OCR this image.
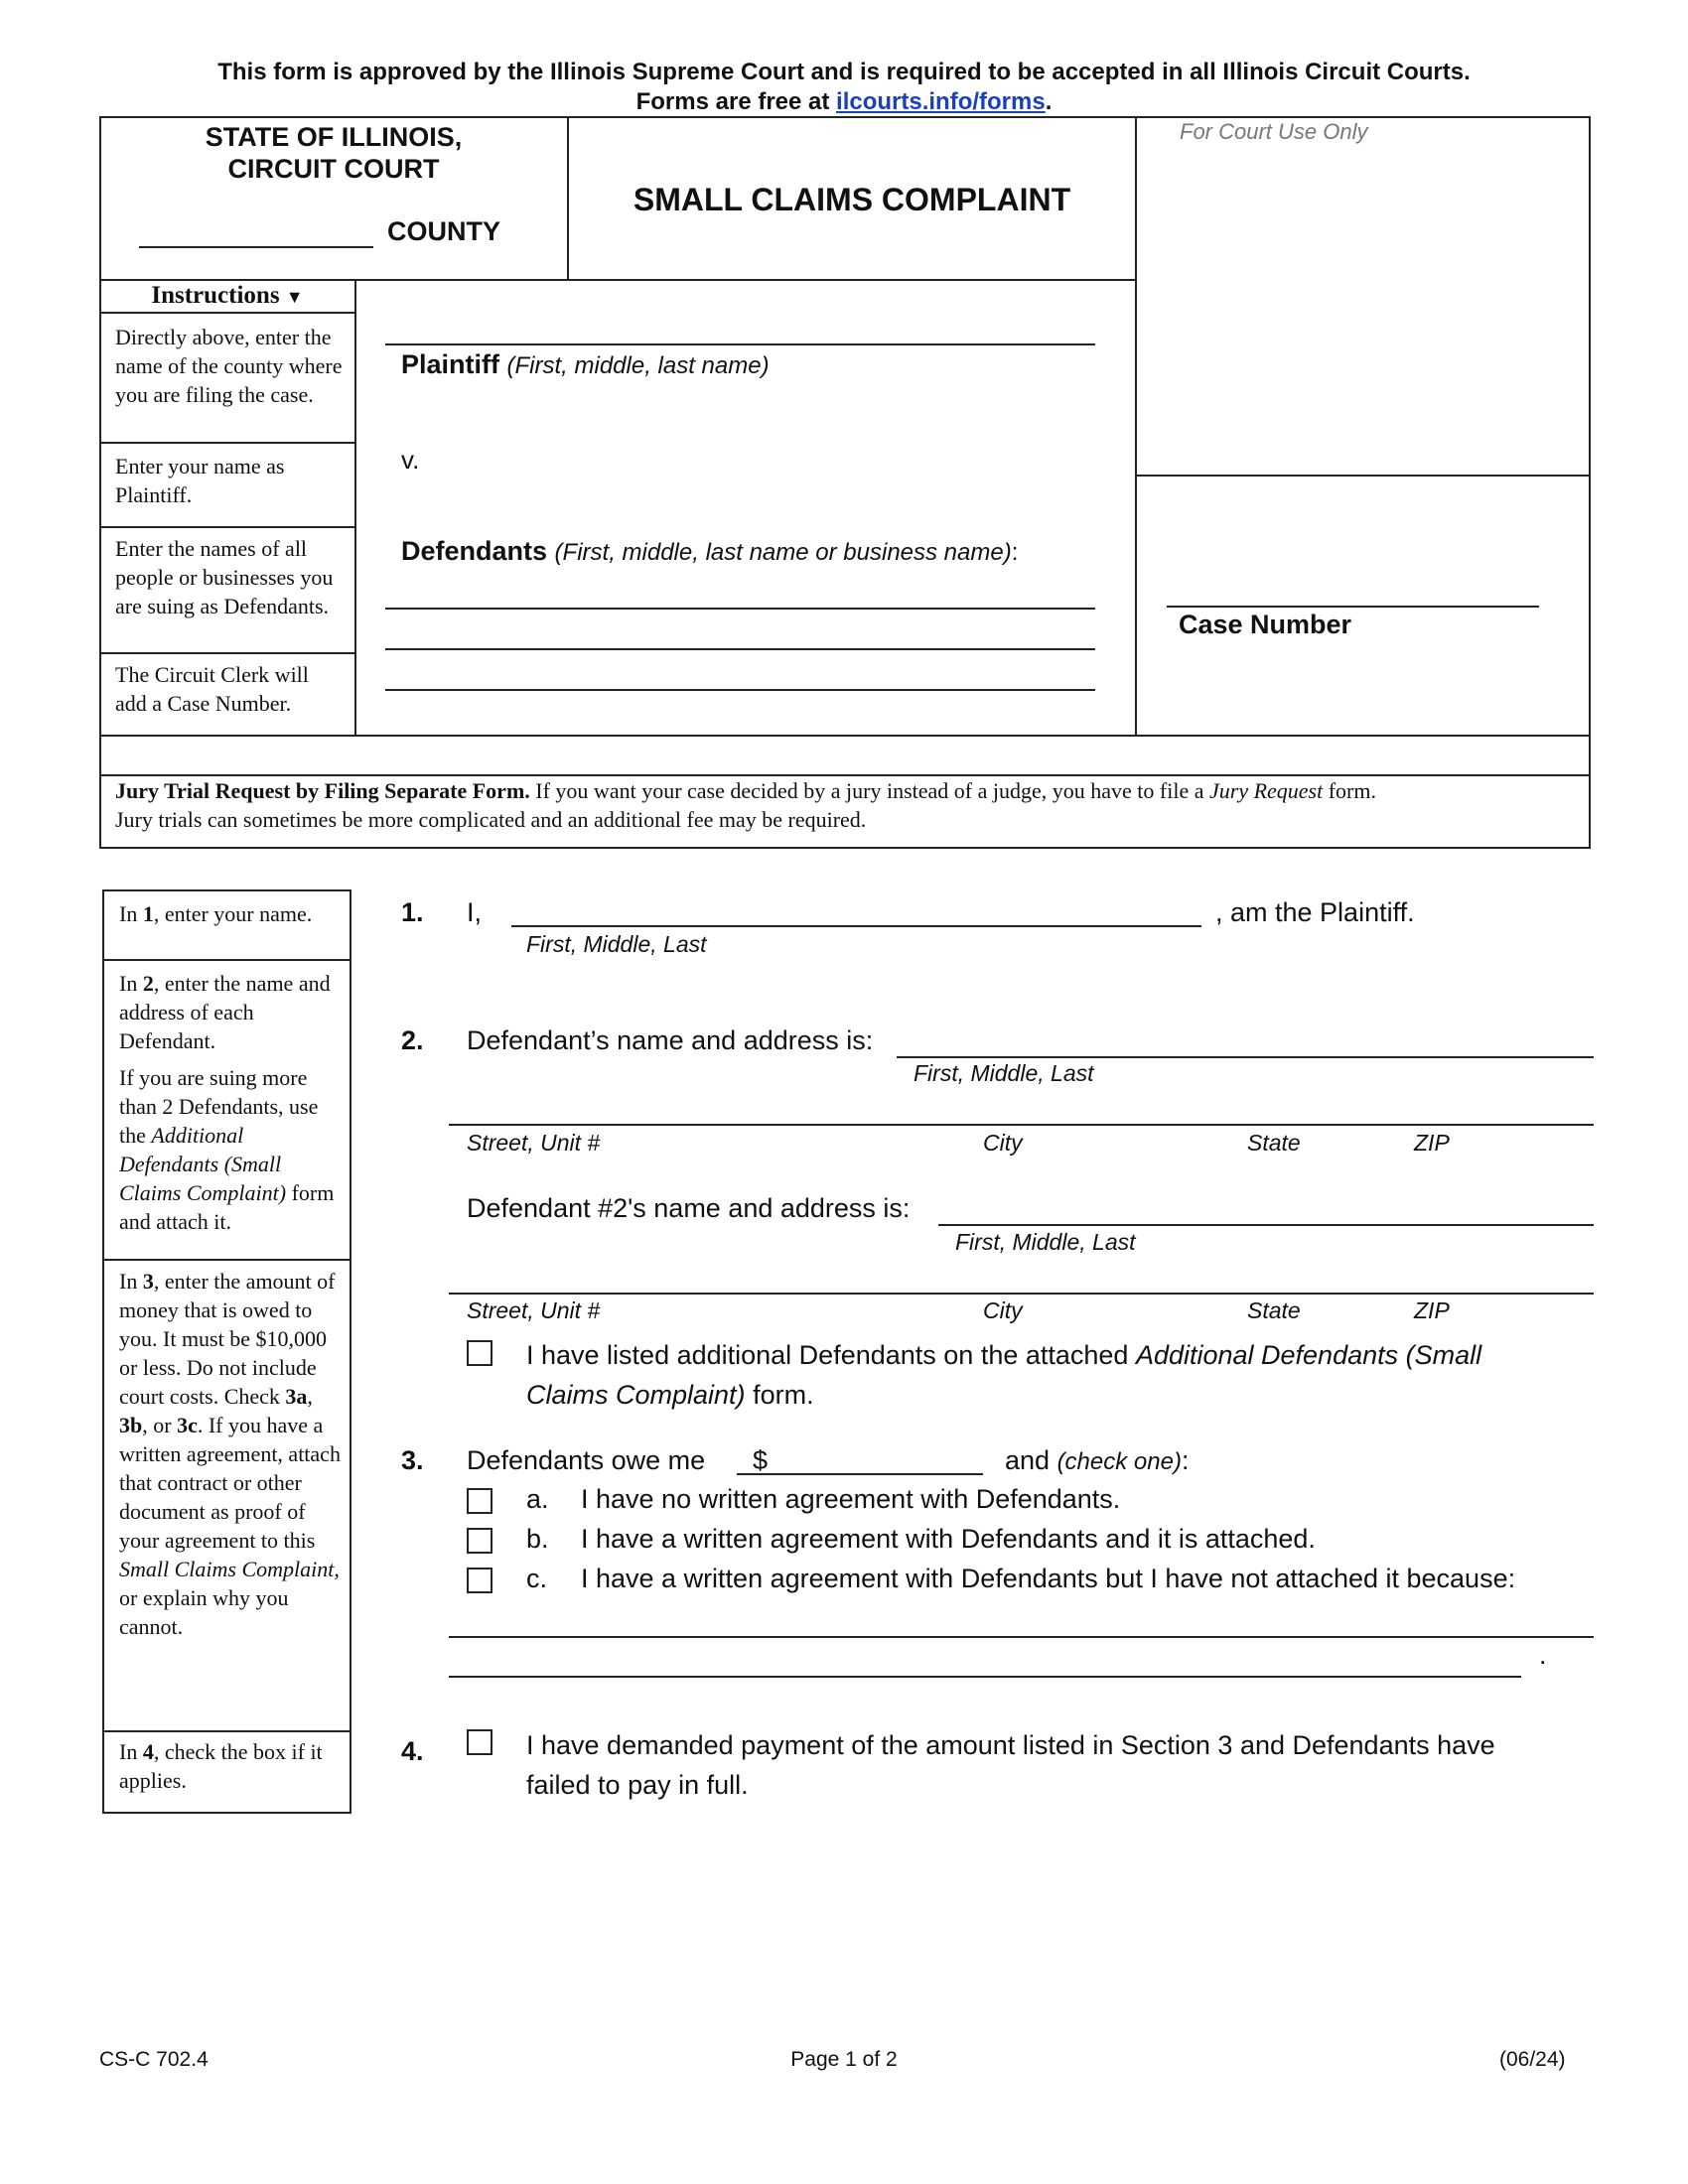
This form is approved by the Illinois Supreme Court and is required to be accepted in all Illinois Circuit Courts.
Forms are free at ilcourts.info/forms.
STATE OF ILLINOIS,
CIRCUIT COURT
COUNTY
SMALL CLAIMS COMPLAINT
For Court Use Only
Case Number
Instructions ▼
Directly above, enter the name of the county where you are filing the case.
Enter your name as Plaintiff.
Enter the names of all people or businesses you are suing as Defendants.
The Circuit Clerk will add a Case Number.
Plaintiff (First, middle, last name)
v.
Defendants (First, middle, last name or business name):
Jury Trial Request by Filing Separate Form. If you want your case decided by a jury instead of a judge, you have to file a Jury Request form.
Jury trials can sometimes be more complicated and an additional fee may be required.
In 1, enter your name.
In 2, enter the name and address of each Defendant.
If you are suing more than 2 Defendants, use the Additional Defendants (Small Claims Complaint) form and attach it.
In 3, enter the amount of money that is owed to you. It must be $10,000 or less. Do not include court costs. Check 3a, 3b, or 3c. If you have a written agreement, attach that contract or other document as proof of your agreement to this Small Claims Complaint, or explain why you cannot.
In 4, check the box if it applies.
1. I,	, am the Plaintiff.
First, Middle, Last
2. Defendant’s name and address is:
First, Middle, Last
Street, Unit #	City	State	ZIP
Defendant #2's name and address is:
First, Middle, Last
Street, Unit #	City	State	ZIP
I have listed additional Defendants on the attached Additional Defendants (Small
Claims Complaint) form.
3. Defendants owe me $	and (check one):
a. I have no written agreement with Defendants.
b. I have a written agreement with Defendants and it is attached.
c. I have a written agreement with Defendants but I have not attached it because:
.
4.	I have demanded payment of the amount listed in Section 3 and Defendants have
failed to pay in full.
CS-C 702.4	Page 1 of 2	(06/24)
